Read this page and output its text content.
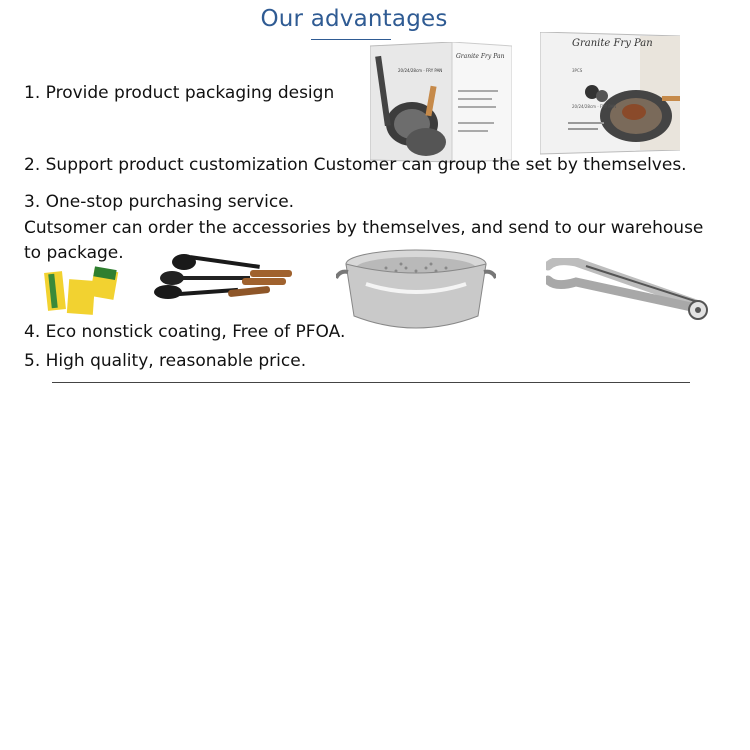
Our advantages
1. Provide product packaging design
Granite Fry Pan
20/24/28cm · FRY PAN
Granite Fry Pan
3PCS
20/24/28cm · FRY PAN
2. Support product customization Customer can group the set by themselves.
3. One-stop purchasing service.
Cutsomer can order the accessories by themselves, and send to our warehouse
to package.
4. Eco nonstick coating, Free of PFOA.
5. High quality, reasonable price.
